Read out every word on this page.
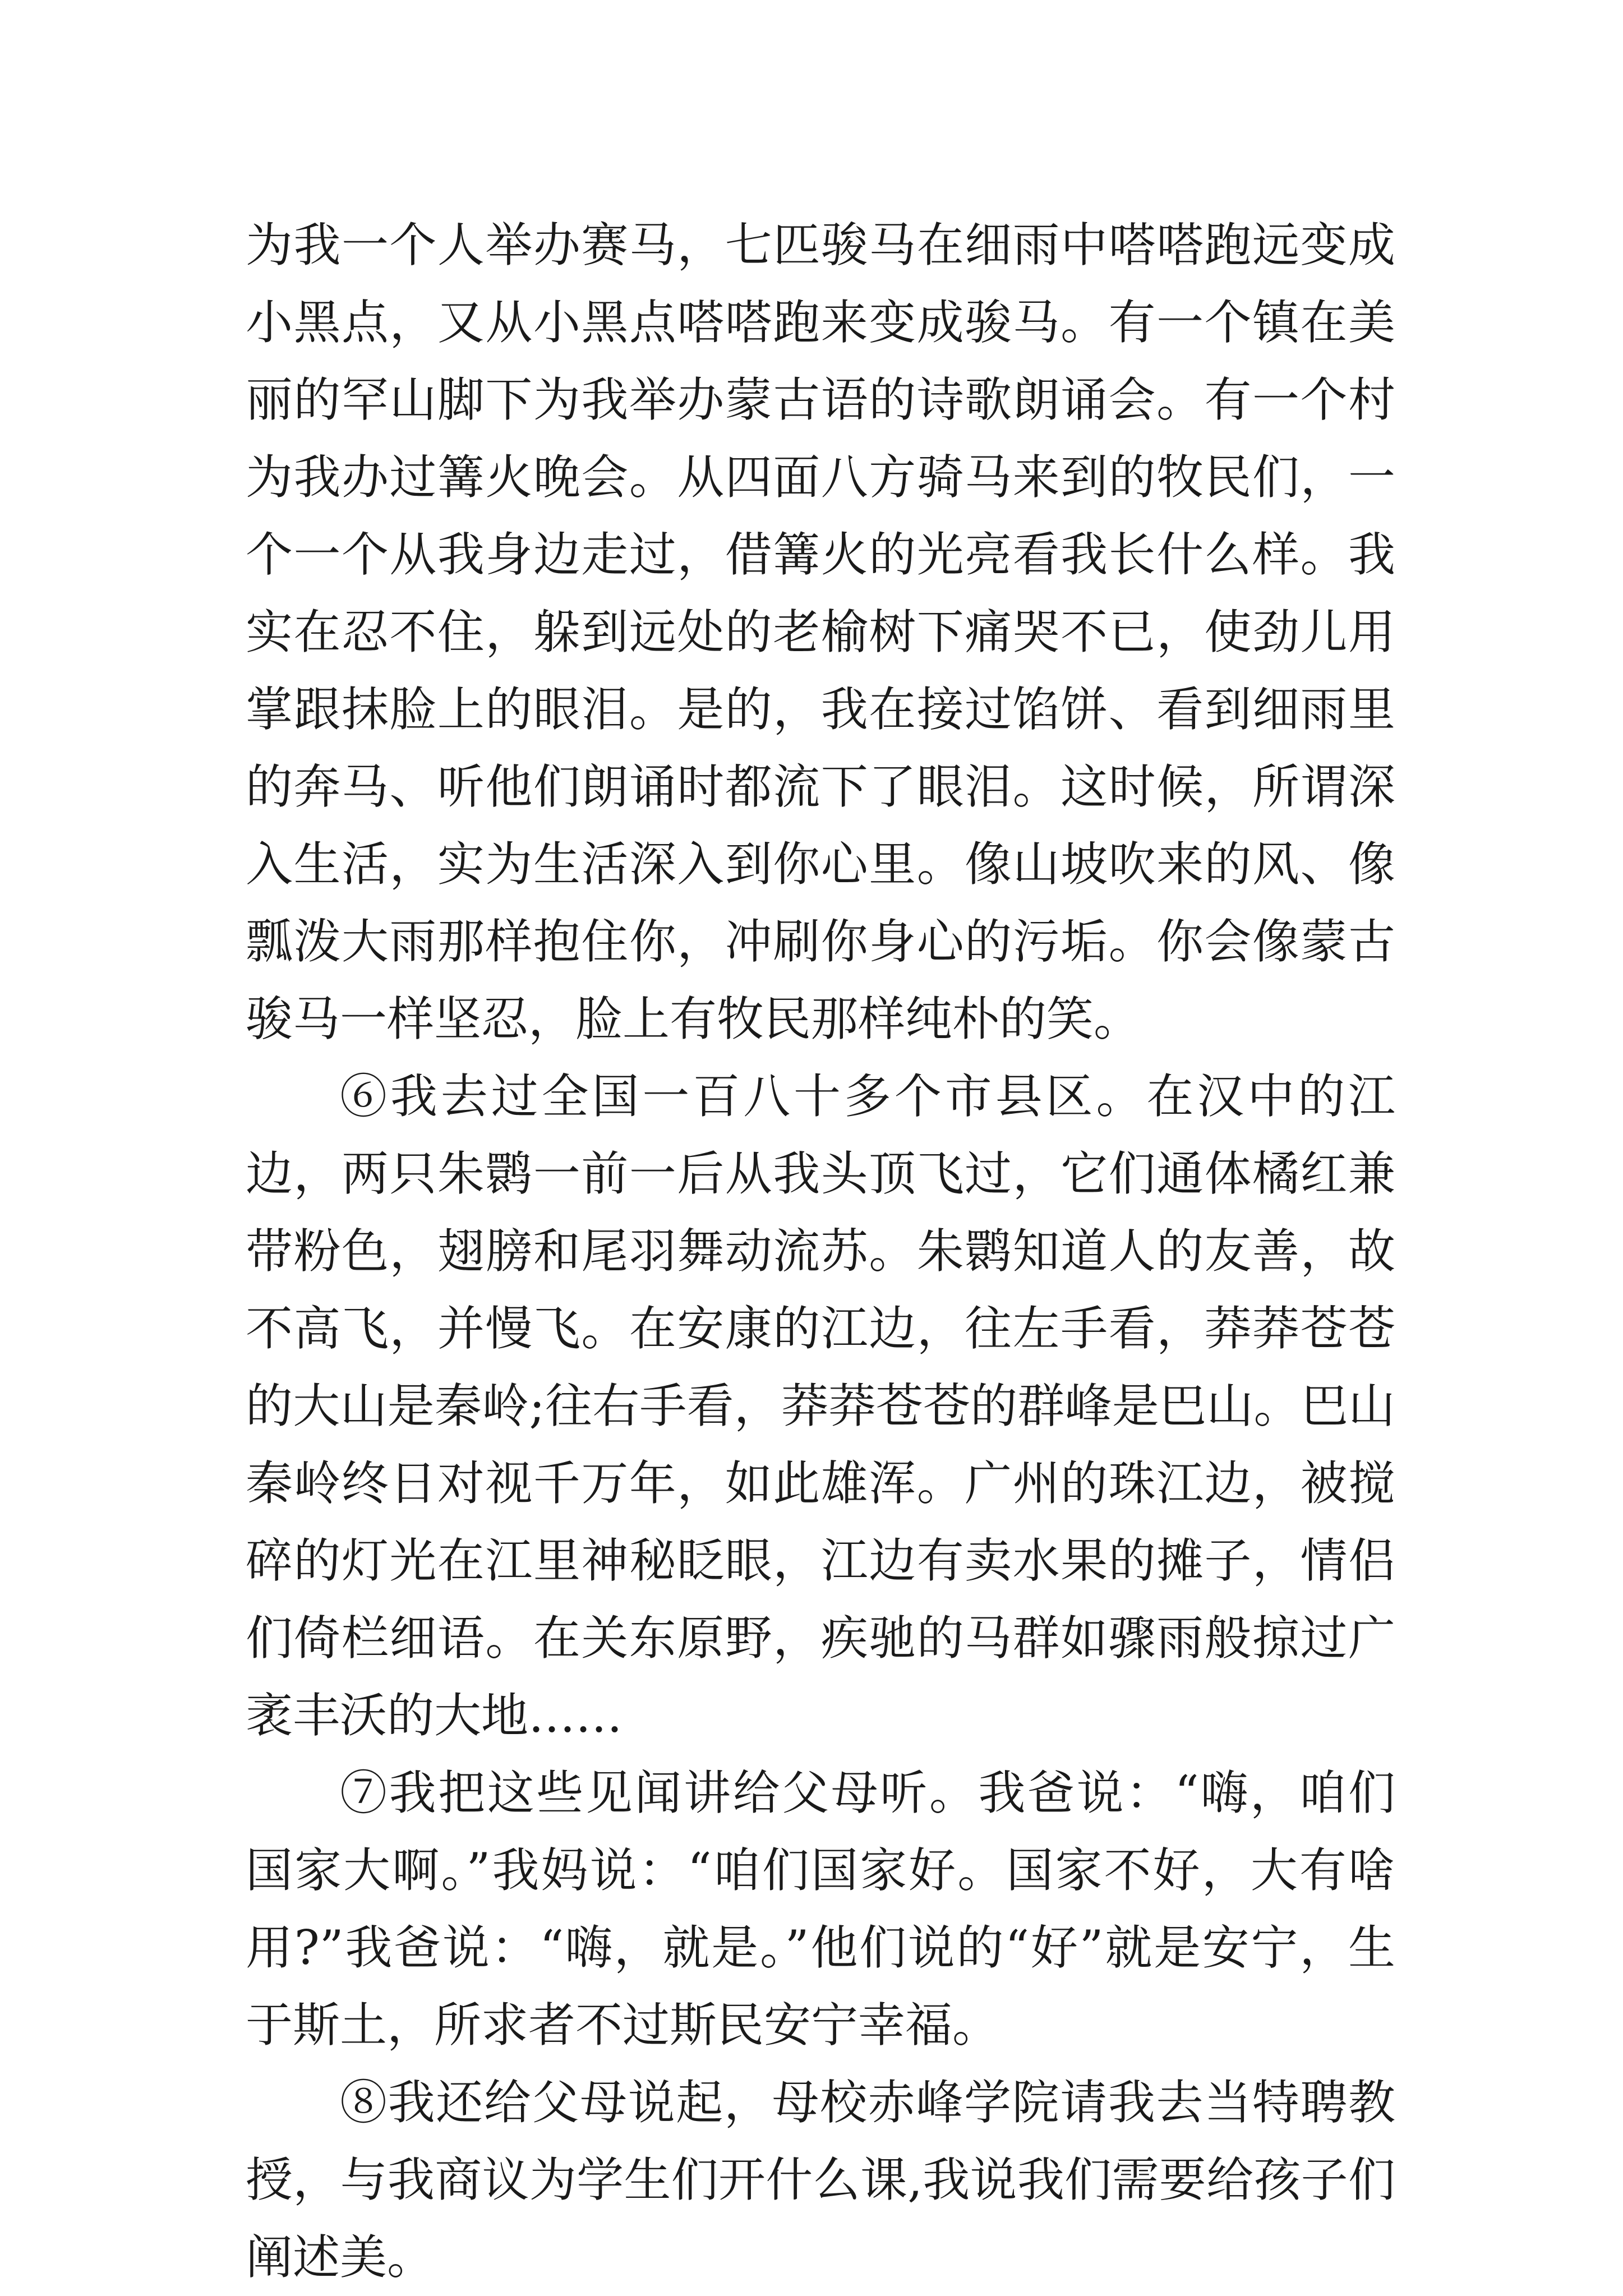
为我一个人举办赛马，七匹骏马在细雨中嗒嗒跑远变成小黑点，又从小黑点嗒嗒跑来变成骏马。有一个镇在美丽的罕山脚下为我举办蒙古语的诗歌朗诵会。有一个村为我办过篝火晚会。从四面八方骑马来到的牧民们，一个一个从我身边走过，借篝火的光亮看我长什么样。我实在忍不住，躲到远处的老榆树下痛哭不已，使劲儿用掌跟抹脸上的眼泪。是的，我在接过馅饼、看到细雨里的奔马、听他们朗诵时都流下了眼泪。这时候，所谓深入生活，实为生活深入到你心里。像山坡吹来的风、像瓢泼大雨那样抱住你，冲刷你身心的污垢。你会像蒙古骏马一样坚忍，脸上有牧民那样纯朴的笑。

⑥我去过全国一百八十多个市县区。在汉中的江边，两只朱鹮一前一后从我头顶飞过，它们通体橘红兼带粉色，翅膀和尾羽舞动流苏。朱鹮知道人的友善，故不高飞，并慢飞。在安康的江边，往左手看，莽莽苍苍的大山是秦岭;往右手看，莽莽苍苍的群峰是巴山。巴山秦岭终日对视千万年，如此雄浑。广州的珠江边，被搅碎的灯光在江里神秘眨眼，江边有卖水果的摊子，情侣们倚栏细语。在关东原野，疾驰的马群如骤雨般掠过广袤丰沃的大地……

⑦我把这些见闻讲给父母听。我爸说：“嗨，咱们国家大啊。”我妈说：“咱们国家好。国家不好，大有啥用?”我爸说：“嗨，就是。”他们说的“好”就是安宁，生于斯土，所求者不过斯民安宁幸福。

⑧我还给父母说起，母校赤峰学院请我去当特聘教授，与我商议为学生们开什么课,我说我们需要给孩子们阐述美。
